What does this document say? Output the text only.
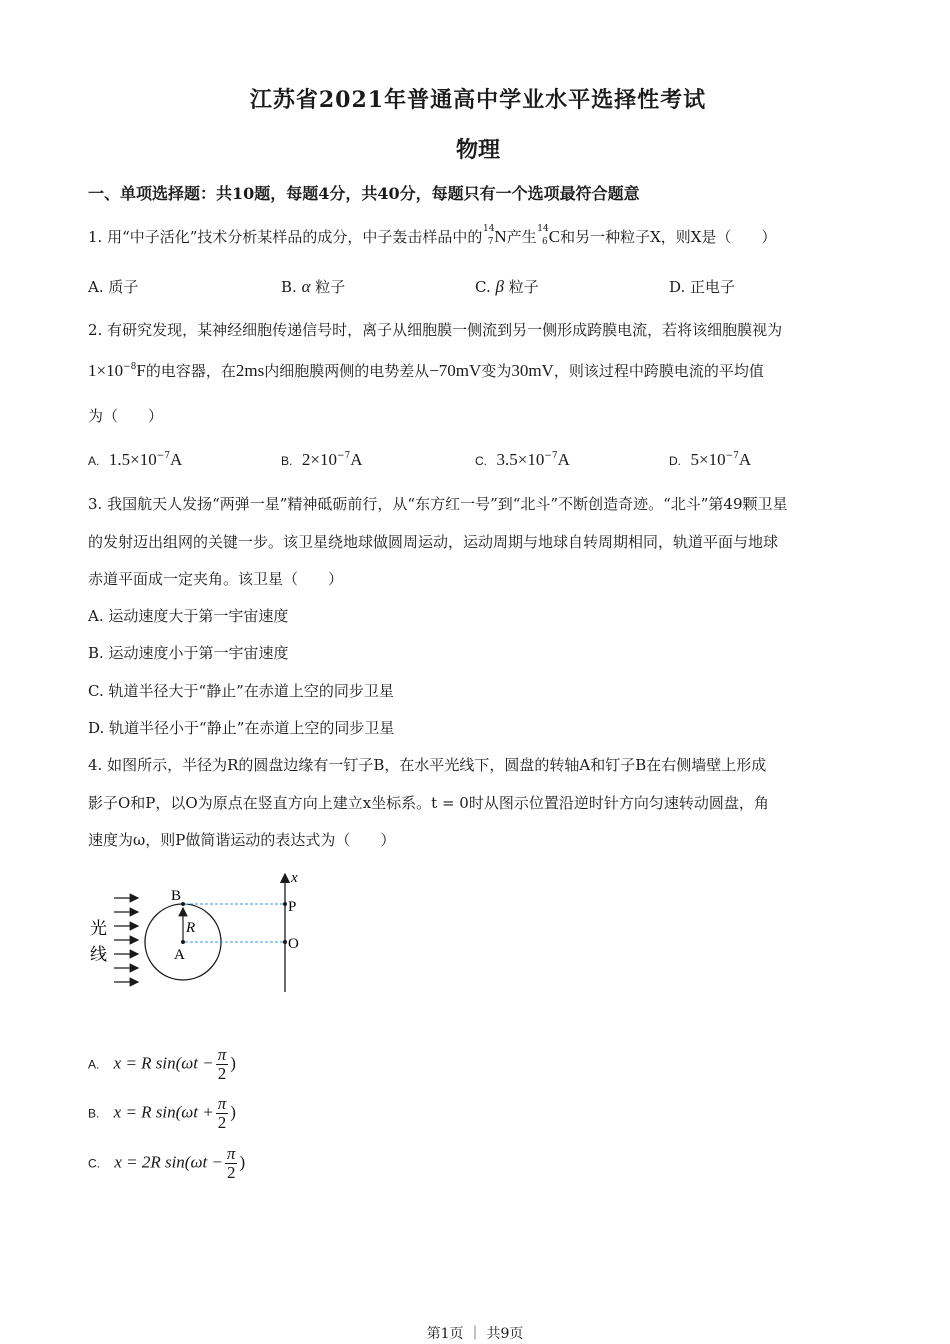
江苏省2021年普通高中学业水平选择性考试
物理
一、单项选择题：共10题，每题4分，共40分，每题只有一个选项最符合题意
1. 用“中子活化”技术分析某样品的成分，中子轰击样品中的 14
7 N产生 14
6 C和另一种粒子X，则X是（　　）
A. 质子	B. α 粒子	C. β 粒子	D. 正电子
2. 有研究发现，某神经细胞传递信号时，离子从细胞膜一侧流到另一侧形成跨膜电流，若将该细胞膜视为
$1\times 10^{-8}F$的电容器，在2ms内细胞膜两侧的电势差从−70mV变为30mV，则该过程中跨膜电流的平均值
为（　　）
A. $1.5\times 10^{-7}A$	B. $2\times 10^{-7}A$	C. $3.5\times 10^{-7}A$	D. $5\times 10^{-7}A$
3. 我国航天人发扬“两弹一星”精神砥砺前行，从“东方红一号”到“北斗”不断创造奇迹。“北斗”第49颗卫星
的发射迈出组网的关键一步。该卫星绕地球做圆周运动，运动周期与地球自转周期相同，轨道平面与地球
赤道平面成一定夹角。该卫星（　　）
A. 运动速度大于第一宇宙速度
B. 运动速度小于第一宇宙速度
C. 轨道半径大于“静止”在赤道上空的同步卫星
D. 轨道半径小于“静止”在赤道上空的同步卫星
4. 如图所示，半径为R的圆盘边缘有一钉子B，在水平光线下，圆盘的转轴A和钉子B在右侧墙壁上形成
影子O和P，以O为原点在竖直方向上建立x坐标系。t = 0时从图示位置沿逆时针方向匀速转动圆盘，角
速度为ω，则P做简谐运动的表达式为（　　）
A. x = R $\sin(\omega t - \frac{\pi}{2}$ )
B. x = R $\sin(\omega t + \frac{\pi}{2}$ )
C. x = 2R $\sin(\omega t - \frac{\pi}{2}$ )
光
线
B
R
A
P
O
x
第1页 ｜ 共9页
